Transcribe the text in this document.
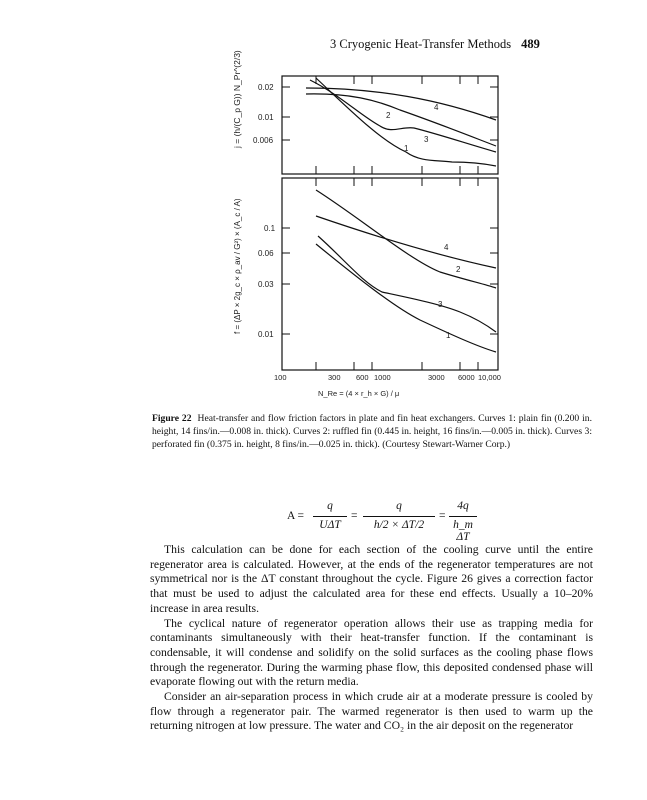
3 Cryogenic Heat-Transfer Methods 489
0.02
0.01
0.006
j = (h/(C_p G)) N_Pr^(2/3)	4
2
3
1
0.1
0.06
0.03
0.01
f = (ΔP × 2g_c × ρ_av / G²) × (A_c / A)	4
2
3
1
100	300 600 1000	3000 6000 10,000
N_Re = (4 × r_h × G) / μ
Figure 22 Heat-transfer and flow friction factors in plate and fin heat exchangers. Curves 1: plain fin (0.200 in. height, 14 fins/in.—0.008 in. thick). Curves 2: ruffled fin (0.445 in. height, 16 fins/in.—0.005 in. thick). Curves 3: perforated fin (0.375 in. height, 8 fins/in.—0.025 in. thick). (Courtesy Stewart-Warner Corp.)
A =
q
UΔT
=
q
h/2 × ΔT/2
=
4q
h_m ΔT

This calculation can be done for each section of the cooling curve until the entire regenerator area is calculated. However, at the ends of the regenerator temperatures are not symmetrical nor is the ΔT constant throughout the cycle. Figure 26 gives a correction factor that must be used to adjust the calculated area for these end effects. Usually a 10–20% increase in area results.

The cyclical nature of regenerator operation allows their use as trapping media for contaminants simultaneously with their heat-transfer function. If the contaminant is condensable, it will condense and solidify on the solid surfaces as the cooling phase flows through the regenerator. During the warming phase flow, this deposited condensed phase will evaporate flowing out with the return media.

Consider an air-separation process in which crude air at a moderate pressure is cooled by flow through a regenerator pair. The warmed regenerator is then used to warm up the returning nitrogen at low pressure. The water and CO₂ in the air deposit on the regenerator
